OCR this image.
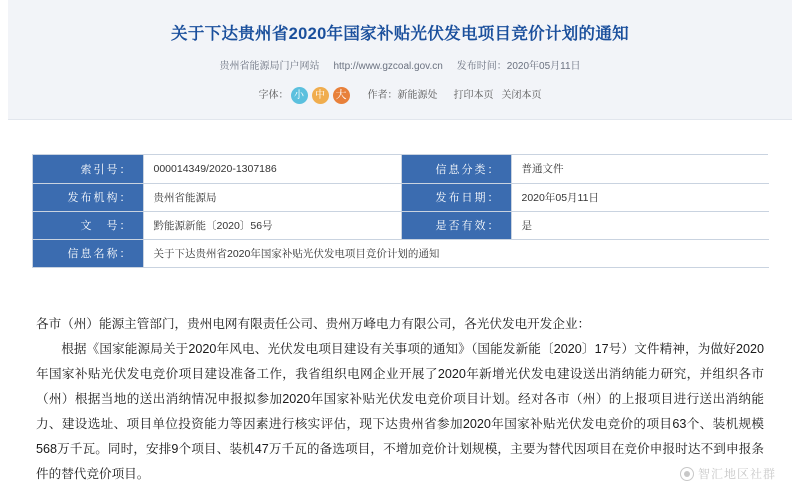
关于下达贵州省2020年国家补贴光伏发电项目竞价计划的通知
贵州省能源局门户网站 http://www.gzcoal.gov.cn 发布时间：2020年05月11日
字体： 小 中 大 作者：新能源处 打印本页 关闭本页
索引号：	000014349/2020-1307186	信息分类：	普通文件
发布机构：	贵州省能源局	发布日期：	2020年05月11日
文　号：	黔能源新能〔2020〕56号	是否有效：	是
信息名称：	关于下达贵州省2020年国家补贴光伏发电项目竞价计划的通知		

各市（州）能源主管部门，贵州电网有限责任公司、贵州万峰电力有限公司，各光伏发电开发企业：

根据《国家能源局关于2020年风电、光伏发电项目建设有关事项的通知》（国能发新能〔2020〕17号）文件精神，为做好2020年国家补贴光伏发电竞价项目建设准备工作，我省组织电网企业开展了2020年新增光伏发电建设送出消纳能力研究，并组织各市（州）根据当地的送出消纳情况申报拟参加2020年国家补贴光伏发电竞价项目计划。经对各市（州）的上报项目进行送出消纳能力、建设选址、项目单位投资能力等因素进行核实评估，现下达贵州省参加2020年国家补贴光伏发电竞价的项目63个、装机规模568万千瓦。同时，安排9个项目、装机47万千瓦的备选项目，不增加竞价计划规模，主要为替代因项目在竞价申报时达不到申报条件的替代竞价项目。	智汇地区社群
